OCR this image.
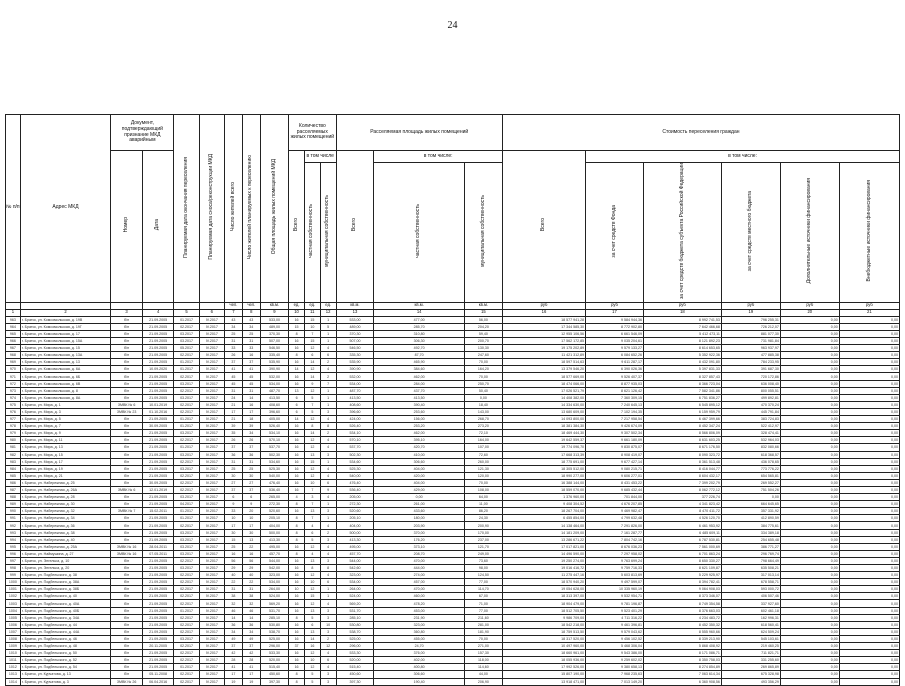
24
№ п/п	Адрес МКД	Документ, подтверждающий признание МКД аварийным		Планируемая дата окончания переселения	Планируемая дата сноса/реконструкции МКД	Число жителей всего	Число жителей планируемых к переселению	Общая площадь жилых помещений МКД	Количество расселяемых жилых помещений			Расселяемая площадь жилых помещений			Стоимость переселения граждан					
		Номер	Дата						Всего	в том числе		Всего	в том числе:		Всего	в том числе:				
										частная собственность	муниципальная собственность		частная собственность	муниципальная собственность		за счет средств Фонда	за счет средств бюджета субъекта Российской Федерации	за счет средств местного бюджета	Дополнительные источники финансирования	Внебюджетные источники финансирования
						чел.	чел.	кв.м.	ед.	ед.	ед.	кв.м.	кв.м.	кв.м.	руб	руб	руб	руб	руб	руб
1	2	3	4	5	6	7	8	9	10	11	12	13	14	15	16	17	18	19	20	21
963	г. Братск, ул. Комсомольская, д. 19В	б/н	21.09.2005	01.2017	IV.2017	43	43	533,00	16	15	1	533,00	477,00	56,00	18 577 941,28	9 584 944,36	8 992 741,53	796 255,31	0,00	0,00
964	г. Братск, ул. Комсомольская, д. 19Г	б/н	21.09.2005	02.2017	IV.2017	34	34	489,00	15	10	5	489,00	285,70	204,20	17 344 585,30	8 772 902,80	7 642 466,68	726 212,07	0,00	0,00
965	г. Братск, ул. Комсомольская, д. 17	б/н	21.09.2005	03.2017	IV.2017	25	25	370,30	8	7	1	370,30	310,80	59,40	12 955 106,56	6 661 546,09	5 412 473,11	881 077,30	0,00	0,00
966	г. Братск, ул. Комсомольская, д. 15А	б/н	21.09.2005	03.2017	IV.2017	31	31	507,00	16	15	1	507,00	306,30	200,70	17 562 172,85	9 035 204,61	8 121 892,23	731 981,84	0,00	0,00
967	г. Братск, ул. Комсомольская, д. 15	б/н	21.09.2005	05.2017	IV.2017	33	33	546,50	16	12	4	546,50	492,70	130,30	19 175 202,89	9 579 133,27	8 614 653,65	963 937,97	0,00	0,00
968	г. Братск, ул. Комсомольская, д. 13А	б/н	21.09.2005	02.2017	IV.2017	26	16	335,40	8	6	6	335,30	87,70	247,60	11 421 312,89	6 084 652,26	5 352 922,36	477 885,38	0,00	0,00
969	г. Братск, ул. Комсомольская, д. 13	б/н	21.09.2005	01.2017	IV.2017	37	37	535,90	16	14	2	535,90	465,90	70,00	18 597 514,63	9 611 287,17	8 432 091,80	784 233,95	0,00	0,00
970	г. Братск, ул. Комсомольская, д. 6А	б/н	10.09.2020	01.2017	IV.2017	41	41	390,90	14	12	4	390,90	384,60	164,20	13 379 546,20	6 390 026,36	5 397 831,33	391 687,30	0,00	0,00
971	г. Братск, ул. Комсомольская, д. 6Б	б/н	21.09.2005	02.2017	IV.2017	45	45	532,00	16	14	2	532,00	462,00	70,00	18 577 669,00	9 526 407,37	8 327 857,43	720 172,86	0,00	0,00
972	г. Братск, ул. Комсомольская, д. 6В	б/н	21.09.2005	03.2017	IV.2017	45	45	534,00	16	9	7	534,00	284,00	250,70	18 474 066,00	8 877 935,03	8 366 723,04	636 008,40	0,00	0,00
973	г. Братск, ул. Комсомольская, д. 8	б/н	21.09.2005	02.2017	IV.2017	31	31	487,70	13	12	1	487,70	437,70	50,40	17 026 521,79	8 621 126,42	7 582 341,86	800 055,51	0,00	0,00
974	г. Братск, ул. Комсомольская, д. 8А	б/н	21.09.2005	03.2017	IV.2017	24	14	413,50	6	5	1	413,50	413,50	0,00	14 408 382,00	7 360 309,15	6 751 836,27	499 892,81	0,00	0,00
975	г. Братск, ул. Мира, д. 1	ЗМВК № 6	10.01.2019	02.2017	IV.2017	21	16	408,60	6	7	1	408,60	390,40	18,40	14 334 630,00	7 240 645,13	6 545 895,12	470 370,24	0,00	0,00
976	г. Братск, ул. Мира, д. 3	ЗМВК № 23	01.10.2016	02.2017	IV.2017	17	17	396,60	6	5	3	396,60	253,60	143,00	13 680 609,00	7 102 194,35	6 159 959,79	445 791,84	0,00	0,00
977	г. Братск, ул. Мира, д. 5	б/н	21.09.2005	01.2017	IV.2017	21	18	405,00	14	12	4	424,00	156,00	268,70	14 093 800,00	7 217 958,54	6 467 399,66	383 724,83	0,00	0,00
978	г. Братск, ул. Мира, д. 7	б/н	30.09.2005	01.2017	IV.2017	39	39	526,40	16	8	8	526,40	253,20	273,20	18 381 384,30	9 426 674,09	8 452 347,24	522 412,97	0,00	0,00
979	г. Братск, ул. Мира, д. 9	б/н	21.09.2005	03.2017	IV.2017	35	34	534,10	16	14	2	534,10	462,00	72,10	18 469 444,30	9 307 502,34	8 566 806,09	328 474,41	0,00	0,00
980	г. Братск, ул. Мира, д. 11	б/н	21.09.2005	02.2017	IV.2017	26	26	570,10	16	12	4	570,10	395,10	164,00	19 642 559,37	9 661 180,09	8 631 603,25	532 964,03	0,00	0,00
981	г. Братск, ул. Мира, д. 13	б/н	21.09.2005	01.2017	IV.2017	37	37	537,70	16	12	4	537,70	420,70	107,00	19 774 096,70	9 830 875,07	8 671 176,50	832 080,66	0,00	0,00
982	г. Братск, ул. Мира, д. 15	б/н	21.09.2005	03.2017	IV.2017	36	36	502,30	16	13	3	502,30	410,00	72,60	17 668 313,39	8 908 419,07	8 090 323,72	618 368,57	0,00	0,00
983	г. Братск, ул. Мира, д. 17	б/н	21.09.2005	02.2017	IV.2017	31	31	534,60	16	15	1	534,60	306,60	260,00	18 775 691,00	9 677 427,14	8 361 513,48	436 078,65	0,00	0,00
984	г. Братск, ул. Мира, д. 19	б/н	21.09.2005	03.2017	IV.2017	25	25	525,30	16	12	4	525,30	404,00	121,30	18 305 512,00	9 080 215,71	8 416 044,77	773 776,22	0,00	0,00
985	г. Братск, ул. Мира, д. 21	б/н	21.09.2005	02.2017	IV.2017	30	30	540,00	16	12	4	540,00	420,00	120,00	18 990 277,00	9 606 277,01	8 604 432,17	654 565,81	0,00	0,00
986	г. Братск, ул. Набережная, д. 25	б/н	30.09.2005	02.2017	IV.2017	27	27	476,40	16	10	6	476,40	404,00	70,00	16 388 144,00	8 431 453,22	7 399 202,79	269 552,27	0,00	0,00
987	г. Братск, ул. Набережная, д. 26А	ЗМВК № 6	12.01.2019	02.2017	IV.2017	37	37	536,40	16	7	9	536,40	429,00	108,00	18 559 070,00	9 685 432,44	8 062 772,12	751 504,26	0,00	0,00
988	г. Братск, ул. Набережная, д. 28	б/н	21.09.2005	03.2017	IV.2017	6	6	265,00	4	3	4	205,00	0,00	64,00	1 376 960,00	701 844,00	377 226,74	0,00	0,00	0,00
989	г. Братск, ул. Набережная, д. 30	б/н	21.09.2005	04.2017	IV.2017	9	9	272,30	8	7	1	272,30	261,00	11,00	9 408 304,52	4 676 207,85	4 341 823,42	664 645,65	0,00	0,00
990	г. Братск, ул. Набережная, д. 32	ЗМВК № 7	15.02.2011	01.2017	IV.2017	33	20	520,60	16	13	3	520,60	433,60	86,20	18 267 704,00	9 469 982,47	8 470 411,72	357 331,92	0,00	0,00
991	г. Братск, ул. Набережная, д. 34	б/н	21.09.2005	01.2017	IV.2017	10	10	205,10	8	7	1	205,10	180,00	24,30	6 455 854,00	4 799 632,48	4 526 120,70	412 890,59	0,00	0,00
992	г. Братск, ул. Набережная, д. 36	б/н	21.09.2005	02.2017	IV.2017	17	17	404,00	8	4	4	404,00	203,90	200,90	14 138 464,00	7 291 826,00	6 461 953,92	384 775,61	0,00	0,00
993	г. Братск, ул. Набережная, д. 38	б/н	21.09.2005	03.2017	IV.2017	30	30	500,00	8	6	2	500,00	370,00	170,00	14 181 209,00	7 161 287,77	6 485 609,11	334 389,18	0,00	0,00
994	г. Братск, ул. Набережная, д. 40	б/н	21.09.2005	03.2017	IV.2017	15	13	413,30	8	5	3	413,30	176,20	237,00	13 286 671,22	7 804 742,16	6 787 530,81	254 655,48	0,00	0,00
995	г. Братск, ул. Набережная, д. 25А	ЗМВК № 16	28.04.2011	03.2017	IV.2017	25	22	495,00	16	12	4	495,00	373,10	121,70	17 017 821,00	8 676 036,23	7 561 000,69	386 771,27	0,00	0,00
996	г. Братск, ул. Наймушина, д. 27	ЗМВК № 16	07.05.2011	03.2017	IV.2017	16	16	457,70	8	4	4	457,70	208,70	249,00	14 496 590,00	7 297 958,02	6 701 863,24	296 769,74	0,00	0,00
997	г. Братск, ул. Энгельса, д. 10	б/н	21.09.2005	02.2017	IV.2017	56	56	544,00	16	13	3	544,00	470,00	73,60	19 250 274,00	9 763 699,24	8 650 330,27	798 664,49	0,00	0,00
998	г. Братск, ул. Энгельса, д. 20	б/н	21.09.2005	03.2017	IV.2017	29	29	542,00	16	8	8	542,60	444,00	98,00	19 016 416,72	9 759 716,33	8 621 109,87	635 508,21	0,00	0,00
999	г. Братск, ул. Подбельского, д. 38	б/н	21.09.2005	02.2017	IV.2017	40	40	323,00	16	12	4	323,00	274,00	124,50	11 275 447,16	5 603 813,69	5 229 925,97	317 013,14	0,00	0,00
1000	г. Братск, ул. Подбельского, д. 38А	б/н	21.09.2005	02.2017	IV.2017	22	22	534,00	16	10	6	534,00	457,00	77,00	18 570 940,20	9 497 599,07	8 394 782,41	678 558,71	0,00	0,00
1001	г. Братск, ул. Подбельского, д. 38Б	б/н	21.09.2005	02.2017	IV.2017	31	31	264,00	10	12	1	264,00	470,00	114,70	19 054 628,00	10 335 960,19	9 064 908,03	593 000,72	0,00	0,00
1002	г. Братск, ул. Подбельского, д. 40	б/н	21.09.2005	02.2017	IV.2017	38	38	524,00	16	15	1	524,00	460,00	67,00	18 313 397,00	9 532 954,71	8 373 346,07	406 507,46	0,00	0,00
1003	г. Братск, ул. Подбельского, д. 40А	б/н	21.09.2005	02.2017	IV.2017	32	32	569,20	16	12	4	569,20	478,20	71,00	18 904 479,00	9 781 196,87	8 749 354,58	337 927,60	0,00	0,00
1004	г. Братск, ул. Подбельского, д. 40Б	б/н	21.09.2005	01.2017	IV.2017	46	46	531,70	16	13	3	531,70	453,00	77,00	18 512 705,50	9 523 401,29	8 376 663,03	602 461,18	0,00	0,00
1005	г. Братск, ул. Подбельского, д. 34А	б/н	21.09.2005	02.2017	IV.2017	14	14	285,10	8	5	3	285,10	231,90	211,60	9 986 709,00	4 711 316,22	4 234 483,72	162 996,31	0,00	0,00
1006	г. Братск, ул. Подбельского, д. 44	б/н	21.09.2005	02.2017	IV.2017	36	36	530,80	16	6	10	530,80	323,00	281,00	18 542 218,00	9 461 396,81	8 452 350,32	618 560,41	0,00	0,00
1007	г. Братск, ул. Подбельского, д. 44А	б/н	21.09.2005	02.2017	IV.2017	34	34	538,70	16	13	3	538,70	360,80	181,90	18 759 513,50	9 579 043,62	8 555 960,66	624 509,24	0,00	0,00
1008	г. Братск, ул. Подбельского, д. 46	б/н	21.09.2005	03.2017	IV.2017	49	49	525,00	16	14	2	525,00	455,00	70,00	18 317 520,00	9 456 102,52	8 339 213,90	545 103,61	0,00	0,00
1009	г. Братск, ул. Подбельского, д. 48	б/н	20.11.2005	02.2017	IV.2017	37	37	296,00	37	16	12	296,00	24,70	271,00	10 497 960,00	5 468 306,04	5 868 408,92	219 460,25	0,00	0,00
1010	г. Братск, ул. Подбельского, д. 50	б/н	21.09.2005	02.2017	IV.2017	42	42	533,30	16	12	4	533,30	376,00	157,30	18 660 961,00	9 543 386,00	8 171 086,71	711 821,71	0,00	0,00
1011	г. Братск, ул. Подбельского, д. 52	б/н	21.09.2005	02.2017	IV.2017	28	28	520,00	16	10	6	520,00	402,00	118,00	18 055 936,00	9 259 602,02	8 350 758,03	331 255,60	0,00	0,00
1012	г. Братск, ул. Подбельского, д. 54	б/н	21.09.2005	01.2017	IV.2017	41	41	515,40	16	12	4	515,40	400,80	114,60	17 992 526,00	9 380 658,13	8 274 854,89	269 865,89	0,00	0,00
1013	г. Братск, ул. Курчатова, д. 13	б/н	05.11.2008	02.2017	IV.2017	17	17	450,60	8	5	3	450,60	306,60	44,00	15 807 190,00	7 968 235,63	7 063 614,34	675 328,98	0,00	0,00
1014	г. Братск, ул. Курчатова, д. 3	ЗМВК № 26	06.04.2016	02.2017	IV.2017	19	19	397,30	8	5	3	397,30	190,40	206,90	13 918 471,00	7 013 149,20	6 360 908,56	493 356,29	0,00	0,00
